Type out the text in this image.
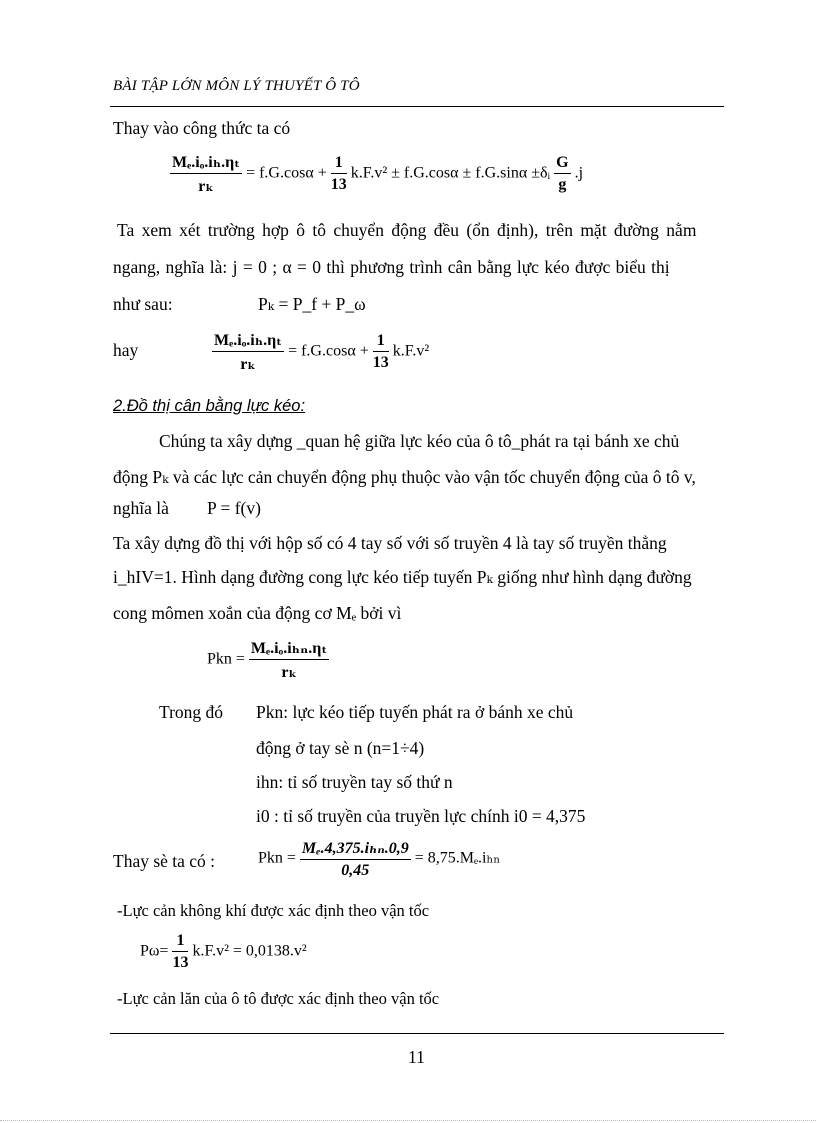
BÀI TẬP LỚN MÔN LÝ THUYẾT Ô TÔ
Thay vào công thức ta có
$\frac{\text{Mₑ.iₒ.iₕ.ηₜ}}{\text{rₖ}} = f.G.\cos\alpha + \frac{1}{13} k.F.v^2 \pm f.G.\cos\alpha \pm f.G.\sin\alpha$ ±δᵢ $\frac{G}{g} .j$
Ta xem xét trường hợp ô tô chuyển động đều (ổn định), trên mặt đường nằm
ngang, nghĩa là: j = 0 ; α = 0 thì phương trình cân bằng lực kéo được biểu thị
như sau:	Pₖ = P_f + P_ω
hay	$\frac{\text{Mₑ.iₒ.iₕ.ηₜ}}{\text{rₖ}} = f.G.\cos\alpha + \frac{1}{13} k.F.v^2$
2.Đồ thị cân bằng lực kéo:
Chúng ta xây dựng _quan hệ giữa lực kéo của ô tô_phát ra tại bánh xe chủ
động Pₖ và các lực cản chuyển động phụ thuộc vào vận tốc chuyển động của ô tô v,
nghĩa là P = f(v)
Ta xây dựng đồ thị với hộp số có 4 tay số với số truyền 4 là tay số truyền thẳng
i_hIV=1. Hình dạng đường cong lực kéo tiếp tuyến Pₖ giống như hình dạng đường
cong mômen xoắn của động cơ Mₑ bởi vì
Pkn = $\frac{\text{Mₑ.iₒ.iₕₙ.ηₜ}}{\text{rₖ}}$
Trong đó Pkn: lực kéo tiếp tuyến phát ra ở bánh xe chủ
động ở tay sè n (n=1÷4)
ihn: tỉ số truyền tay số thứ n
i0 : tỉ số truyền của truyền lực chính i0 = 4,375
Thay sè ta có :	Pkn = $\frac{\text{Mₑ.4,375.iₕₙ.0,9}}{0,45} = 8,75.M_e.i_{hn}$
-Lực cản không khí được xác định theo vận tốc
$P\omega= \frac{1}{13} k.F.v^2 = 0,0138.v^2$
-Lực cản lăn của ô tô được xác định theo vận tốc
11
